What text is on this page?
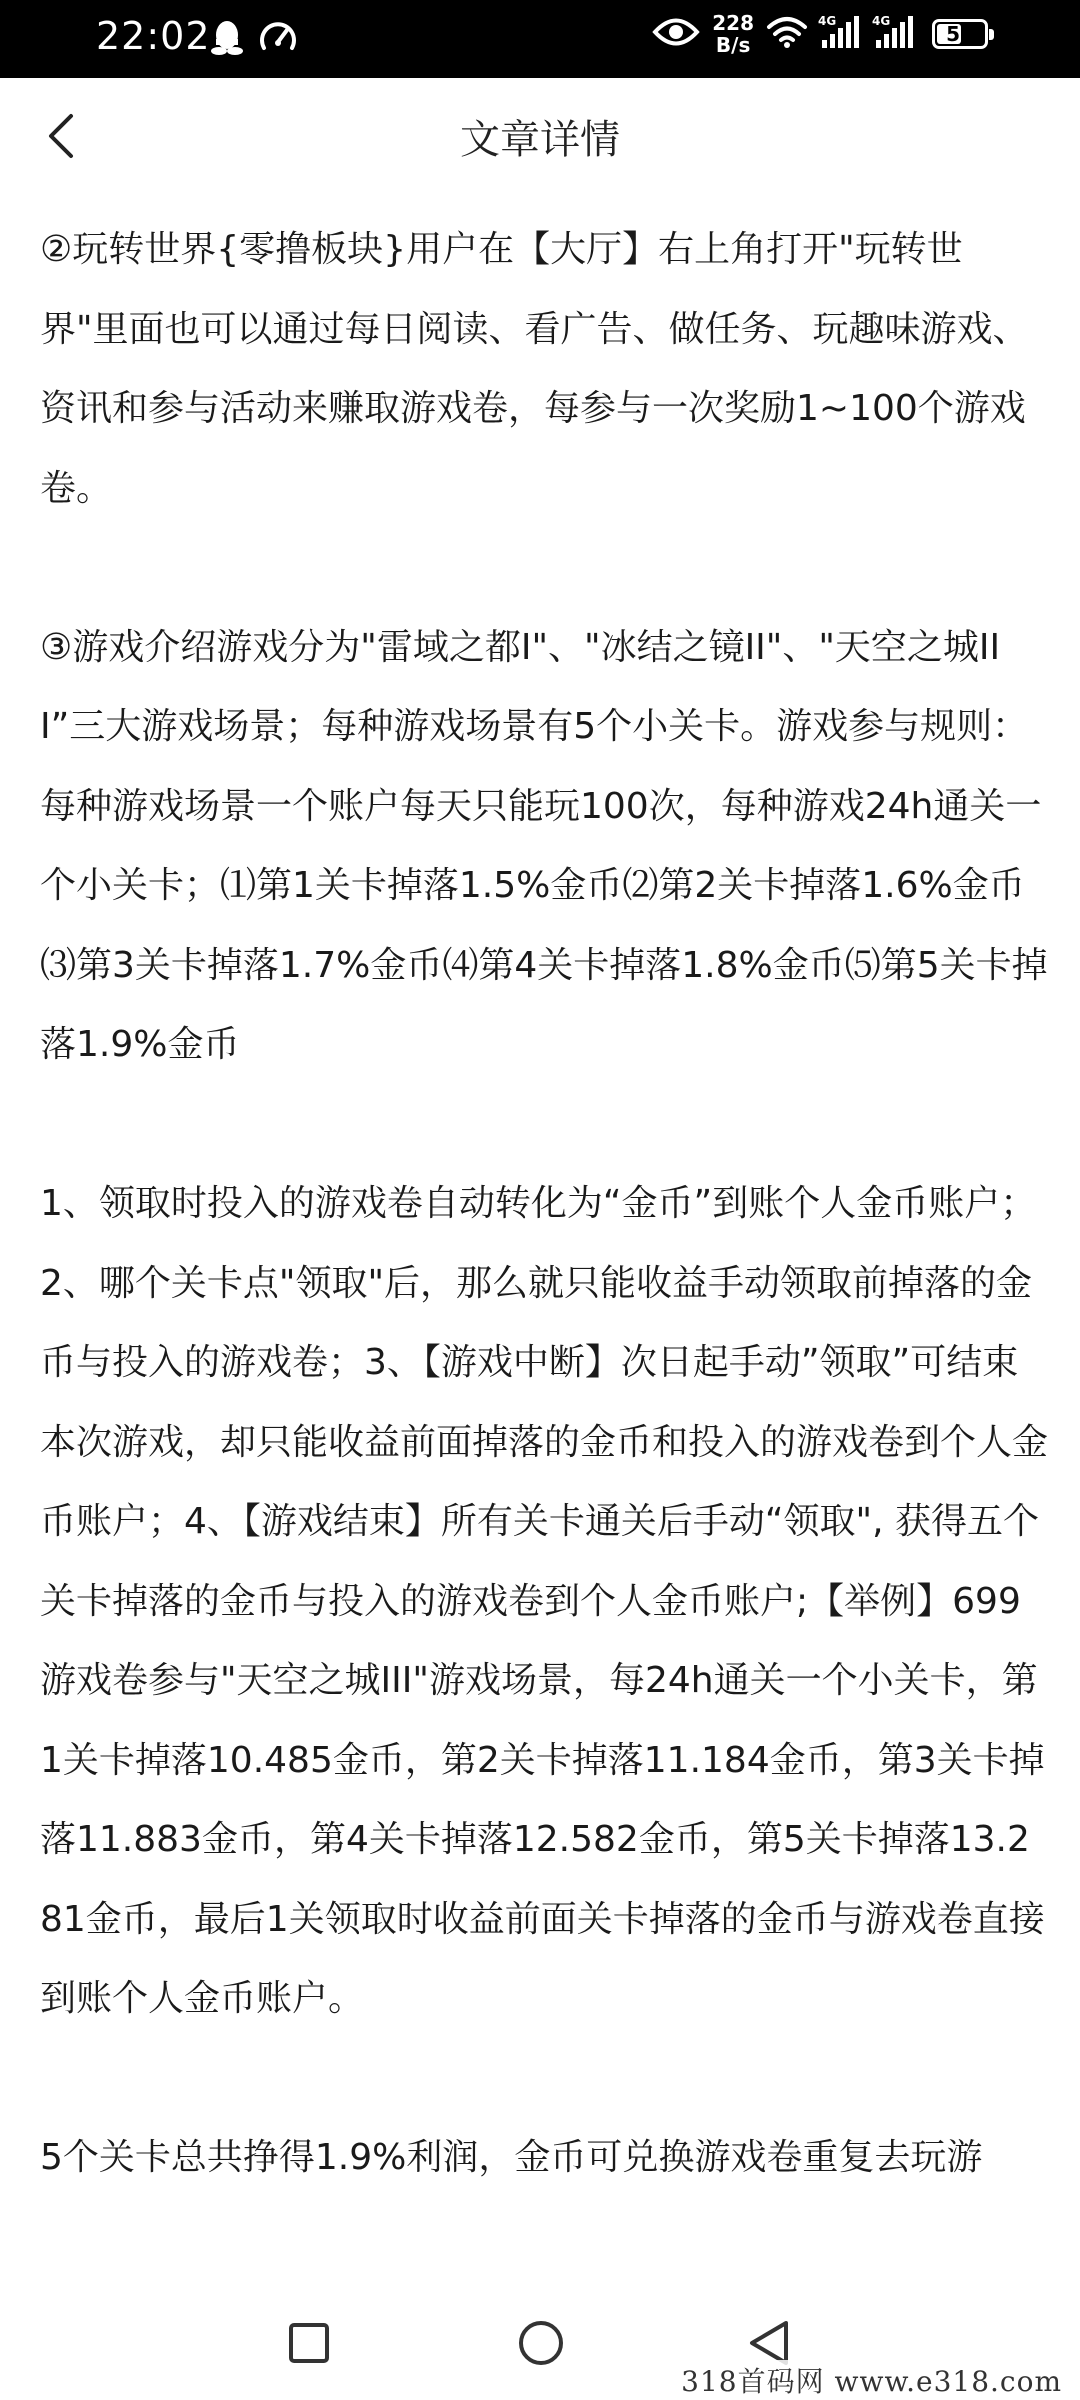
22:02	228
B/s
4G	4G
51
文章详情

②玩转世界{零撸板块}用户在【大厅】右上角打开"玩转世界"里面也可以通过每日阅读、看广告、做任务、玩趣味游戏、资讯和参与活动来赚取游戏卷，每参与一次奖励1~100个游戏卷。

③游戏介绍游戏分为"雷域之都I"、"冰结之镜II"、"天空之城III”三大游戏场景；每种游戏场景有5个小关卡。游戏参与规则：每种游戏场景一个账户每天只能玩100次，每种游戏24h通关一个小关卡；⑴第1关卡掉落1.5%金币⑵第2关卡掉落1.6%金币⑶第3关卡掉落1.7%金币⑷第4关卡掉落1.8%金币⑸第5关卡掉落1.9%金币

1、领取时投入的游戏卷自动转化为“金币”到账个人金币账户；2、哪个关卡点"领取"后，那么就只能收益手动领取前掉落的金币与投入的游戏卷；3、【游戏中断】次日起手动”领取”可结束本次游戏，却只能收益前面掉落的金币和投入的游戏卷到个人金币账户；4、【游戏结束】所有关卡通关后手动“领取", 获得五个关卡掉落的金币与投入的游戏卷到个人金币账户;【举例】699游戏卷参与"天空之城III"游戏场景，每24h通关一个小关卡，第1关卡掉落10.485金币，第2关卡掉落11.184金币，第3关卡掉落11.883金币，第4关卡掉落12.582金币，第5关卡掉落13.281金币，最后1关领取时收益前面关卡掉落的金币与游戏卷直接到账个人金币账户。

5个关卡总共挣得1.9%利润，金币可兑换游戏卷重复去玩游

318首码网 www.e318.com
